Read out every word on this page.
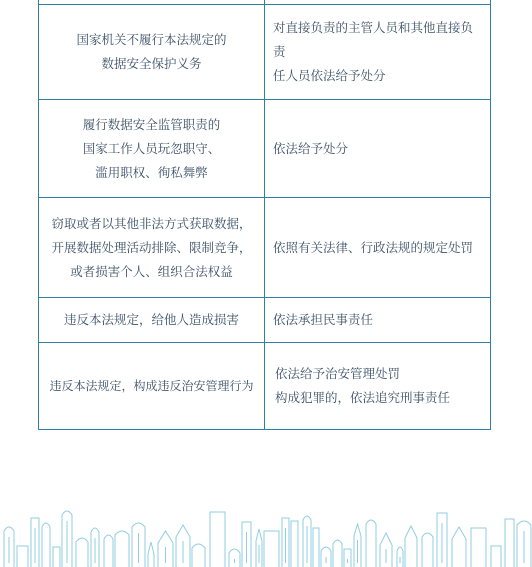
国家机关不履行本法规定的
数据安全保护义务
对直接负责的主管人员和其他直接负责
任人员依法给予处分
履行数据安全监管职责的
国家工作人员玩忽职守、
滥用职权、徇私舞弊
依法给予处分
窃取或者以其他非法方式获取数据，
开展数据处理活动排除、限制竞争，
或者损害个人、组织合法权益
依照有关法律、行政法规的规定处罚
违反本法规定，给他人造成损害	依法承担民事责任
违反本法规定，构成违反治安管理行为
依法给予治安管理处罚
构成犯罪的，依法追究刑事责任
